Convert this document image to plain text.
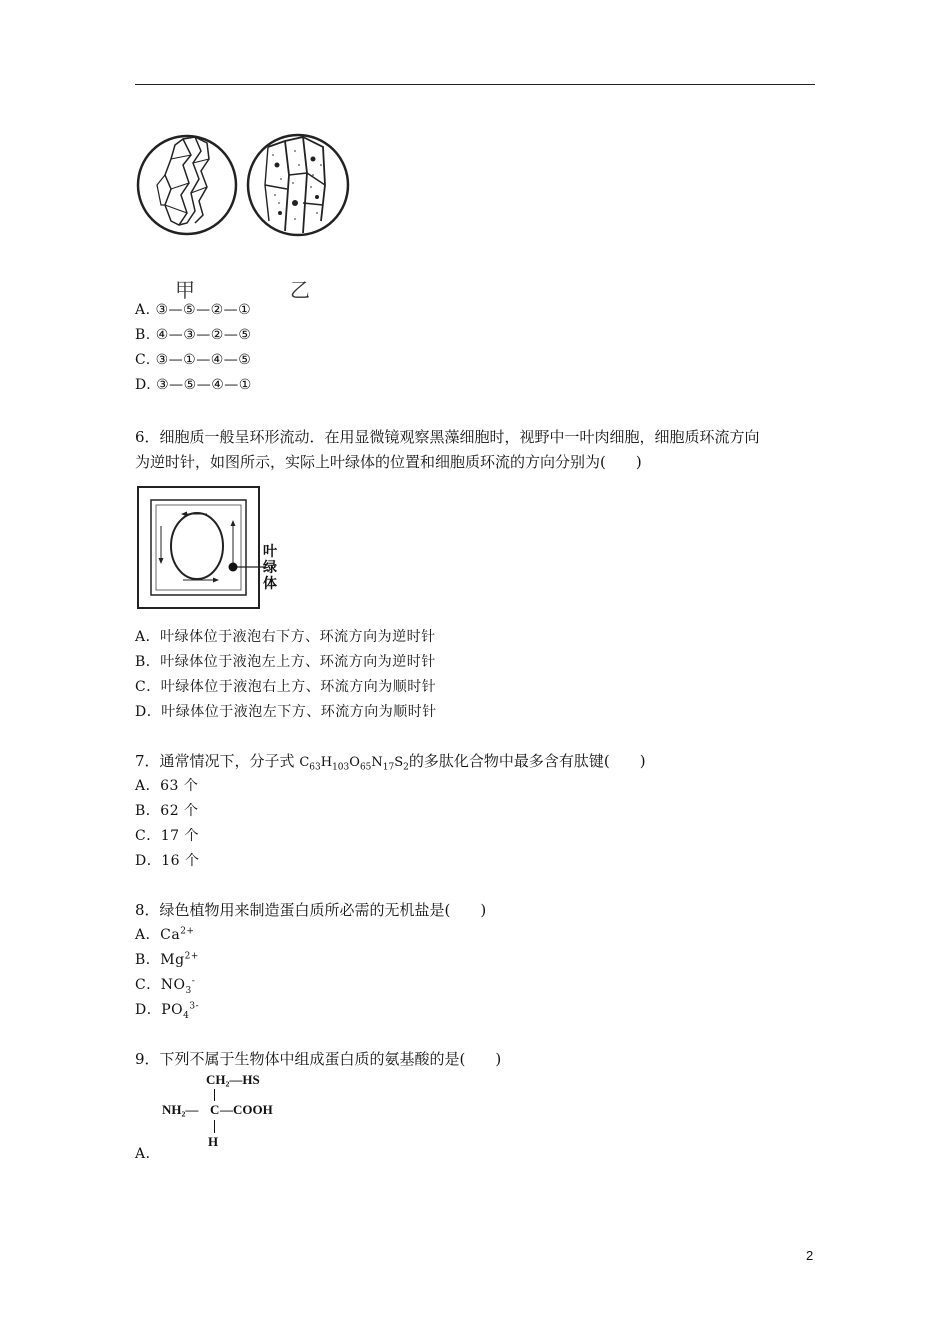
甲	乙
A. ③—⑤—②—①
B. ④—③—②—⑤
C. ③—①—④—⑤
D. ③—⑤—④—①
6．细胞质一般呈环形流动．在用显微镜观察黑藻细胞时，视野中一叶肉细胞，细胞质环流方向
为逆时针，如图所示，实际上叶绿体的位置和细胞质环流的方向分别为(　　)
叶
绿
体
A．叶绿体位于液泡右下方、环流方向为逆时针
B．叶绿体位于液泡左上方、环流方向为逆时针
C．叶绿体位于液泡右上方、环流方向为顺时针
D．叶绿体位于液泡左下方、环流方向为顺时针
7．通常情况下，分子式 $C_{63}H_{103}O_{65}N_{17}S_2$的多肽化合物中最多含有肽键(　　)
A．63 个
B．62 个
C．17 个
D．16 个
8．绿色植物用来制造蛋白质所必需的无机盐是(　　)
A．$Ca^{2+}$
B．$Mg^{2+}$
C．$NO_3^-$
D．$PO_4^{3-}$
9．下列不属于生物体中组成蛋白质的氨基酸的是(　　)
CH₂—HS
NH₂— C —COOH
H
A．
2
